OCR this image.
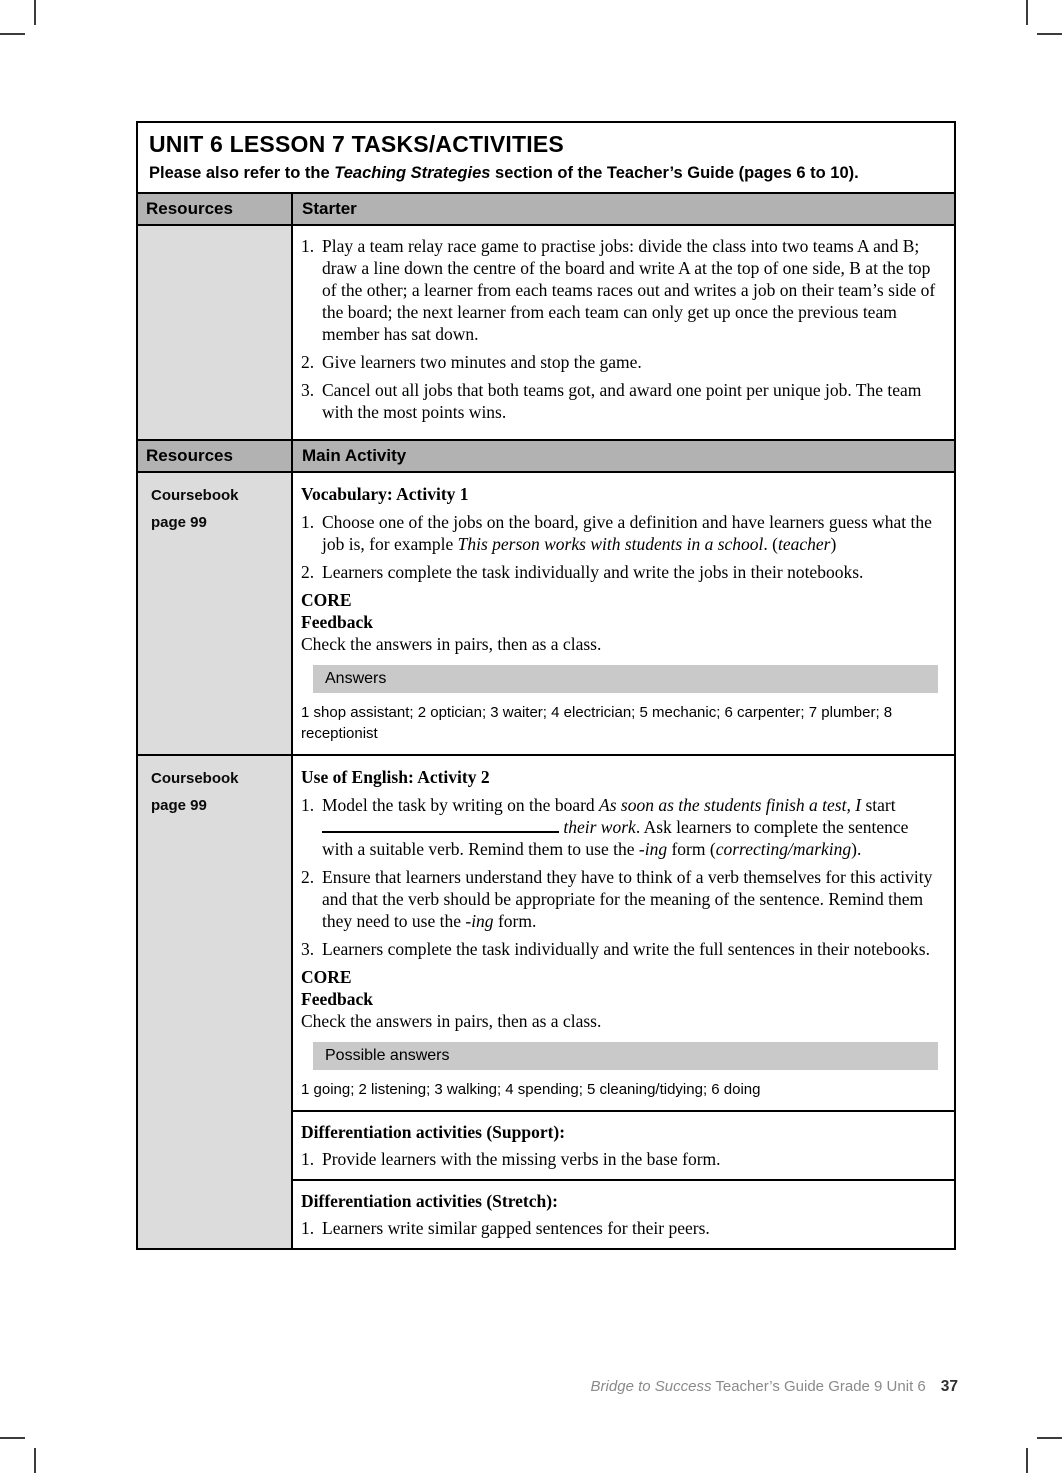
UNIT 6 LESSON 7 TASKS/ACTIVITIES
Please also refer to the Teaching Strategies section of the Teacher’s Guide (pages 6 to 10).
Resources	Starter
1. Play a team relay race game to practise jobs: divide the class into two teams A and B; draw a line down the centre of the board and write A at the top of one side, B at the top of the other; a learner from each teams races out and writes a job on their team’s side of the board; the next learner from each team can only get up once the previous team member has sat down.
2. Give learners two minutes and stop the game.
3. Cancel out all jobs that both teams got, and award one point per unique job. The team with the most points wins.
Resources	Main Activity
Coursebook
page 99
Vocabulary: Activity 1
1. Choose one of the jobs on the board, give a definition and have learners guess what the job is, for example This person works with students in a school. (teacher)
2. Learners complete the task individually and write the jobs in their notebooks.
CORE
Feedback
Check the answers in pairs, then as a class.
Answers
1 shop assistant; 2 optician; 3 waiter; 4 electrician; 5 mechanic; 6 carpenter; 7 plumber; 8 receptionist
Coursebook
page 99
Use of English: Activity 2
1. Model the task by writing on the board As soon as the students finish a test, I start  their work. Ask learners to complete the sentence with a suitable verb. Remind them to use the -ing form (correcting/marking).
2. Ensure that learners understand they have to think of a verb themselves for this activity and that the verb should be appropriate for the meaning of the sentence. Remind them they need to use the -ing form.
3. Learners complete the task individually and write the full sentences in their notebooks.
CORE
Feedback
Check the answers in pairs, then as a class.
Possible answers
1 going; 2 listening; 3 walking; 4 spending; 5 cleaning/tidying; 6 doing
Differentiation activities (Support):
1. Provide learners with the missing verbs in the base form.
Differentiation activities (Stretch):
1. Learners write similar gapped sentences for their peers.
Bridge to Success Teacher’s Guide Grade 9 Unit 6 37
